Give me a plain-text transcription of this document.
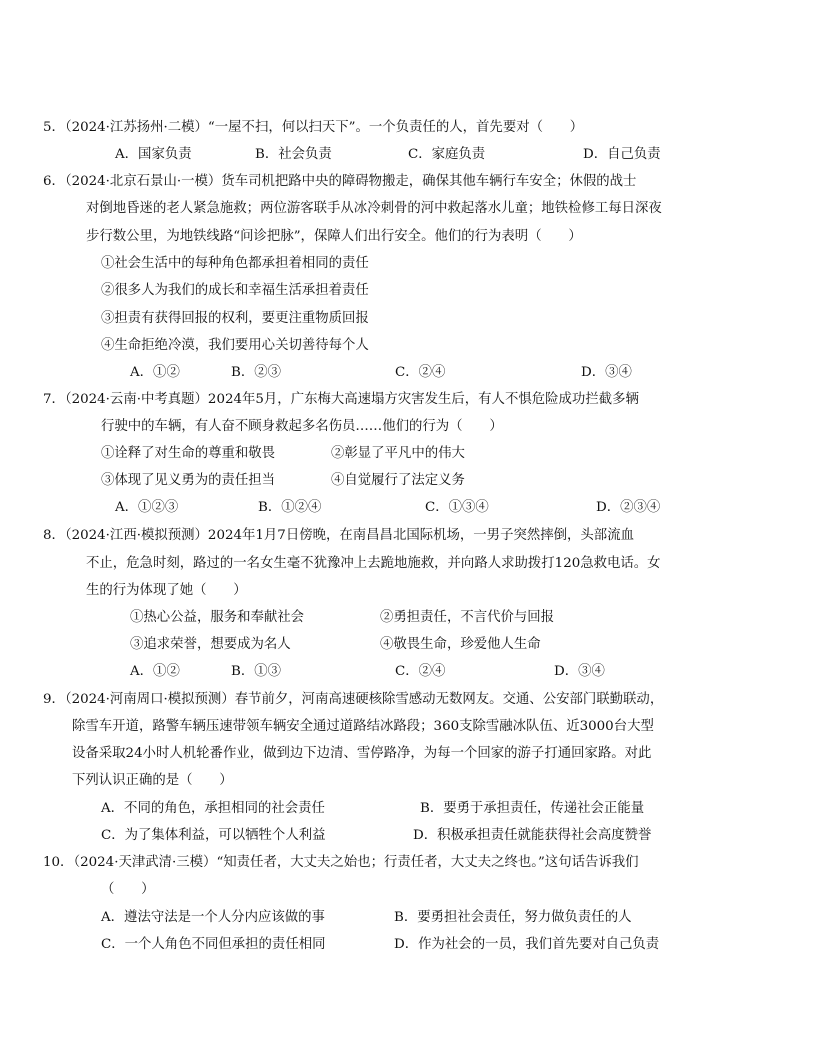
5．（2024·江苏扬州·二模）“一屋不扫，何以扫天下”。一个负责任的人，首先要对（　　）
A．国家负责	B．社会负责	C．家庭负责	D．自己负责
6．（2024·北京石景山·一模）货车司机把路中央的障碍物搬走，确保其他车辆行车安全；休假的战士
对倒地昏迷的老人紧急施救；两位游客联手从冰冷刺骨的河中救起落水儿童；地铁检修工每日深夜
步行数公里，为地铁线路“问诊把脉”，保障人们出行安全。他们的行为表明（　　）
①社会生活中的每种角色都承担着相同的责任
②很多人为我们的成长和幸福生活承担着责任
③担责有获得回报的权利，要更注重物质回报
④生命拒绝冷漠，我们要用心关切善待每个人
A．①②	B．②③	C．②④	D．③④
7．（2024·云南·中考真题）2024年5月，广东梅大高速塌方灾害发生后，有人不惧危险成功拦截多辆
行驶中的车辆，有人奋不顾身救起多名伤员……他们的行为（　　）
①诠释了对生命的尊重和敬畏	②彰显了平凡中的伟大
③体现了见义勇为的责任担当	④自觉履行了法定义务
A．①②③	B．①②④	C．①③④	D．②③④
8．（2024·江西·模拟预测）2024年1月7日傍晚，在南昌昌北国际机场，一男子突然摔倒，头部流血
不止，危急时刻，路过的一名女生毫不犹豫冲上去跪地施救，并向路人求助拨打120急救电话。女
生的行为体现了她（　　）
①热心公益，服务和奉献社会	②勇担责任，不言代价与回报
③追求荣誉，想要成为名人	④敬畏生命，珍爱他人生命
A．①②	B．①③	C．②④	D．③④
9．（2024·河南周口·模拟预测）春节前夕，河南高速硬核除雪感动无数网友。交通、公安部门联勤联动，
除雪车开道，路警车辆压速带领车辆安全通过道路结冰路段；360支除雪融冰队伍、近3000台大型
设备采取24小时人机轮番作业，做到边下边清、雪停路净，为每一个回家的游子打通回家路。对此
下列认识正确的是（　　）
A．不同的角色，承担相同的社会责任	B．要勇于承担责任，传递社会正能量
C．为了集体利益，可以牺牲个人利益	D．积极承担责任就能获得社会高度赞誉
10．（2024·天津武清·三模）“知责任者，大丈夫之始也；行责任者，大丈夫之终也。”这句话告诉我们
（　　）
A．遵法守法是一个人分内应该做的事	B．要勇担社会责任，努力做负责任的人
C．一个人角色不同但承担的责任相同	D．作为社会的一员，我们首先要对自己负责
